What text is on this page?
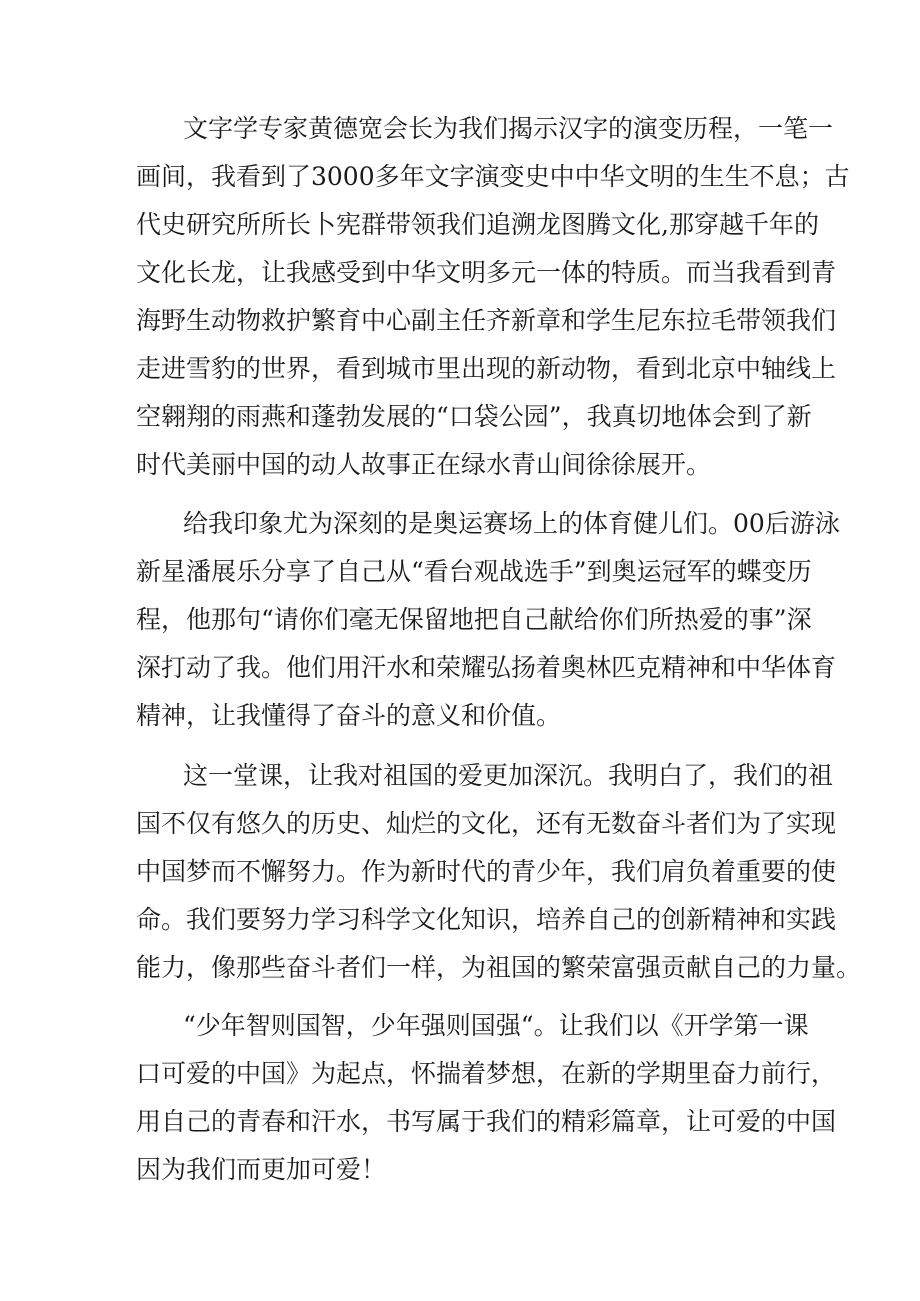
文字学专家黄德宽会长为我们揭示汉字的演变历程，一笔一
画间，我看到了3000多年文字演变史中中华文明的生生不息；古
代史研究所所长卜宪群带领我们追溯龙图腾文化,那穿越千年的
文化长龙，让我感受到中华文明多元一体的特质。而当我看到青
海野生动物救护繁育中心副主任齐新章和学生尼东拉毛带领我们
走进雪豹的世界，看到城市里出现的新动物，看到北京中轴线上
空翱翔的雨燕和蓬勃发展的“口袋公园”，我真切地体会到了新
时代美丽中国的动人故事正在绿水青山间徐徐展开。
给我印象尤为深刻的是奥运赛场上的体育健儿们。00后游泳
新星潘展乐分享了自己从“看台观战选手”到奥运冠军的蝶变历
程，他那句“请你们毫无保留地把自己献给你们所热爱的事”深
深打动了我。他们用汗水和荣耀弘扬着奥林匹克精神和中华体育
精神，让我懂得了奋斗的意义和价值。
这一堂课，让我对祖国的爱更加深沉。我明白了，我们的祖
国不仅有悠久的历史、灿烂的文化，还有无数奋斗者们为了实现
中国梦而不懈努力。作为新时代的青少年，我们肩负着重要的使
命。我们要努力学习科学文化知识，培养自己的创新精神和实践
能力，像那些奋斗者们一样，为祖国的繁荣富强贡献自己的力量。
“少年智则国智，少年强则国强“。让我们以《开学第一课
口可爱的中国》为起点，怀揣着梦想，在新的学期里奋力前行，
用自己的青春和汗水，书写属于我们的精彩篇章，让可爱的中国
因为我们而更加可爱！
